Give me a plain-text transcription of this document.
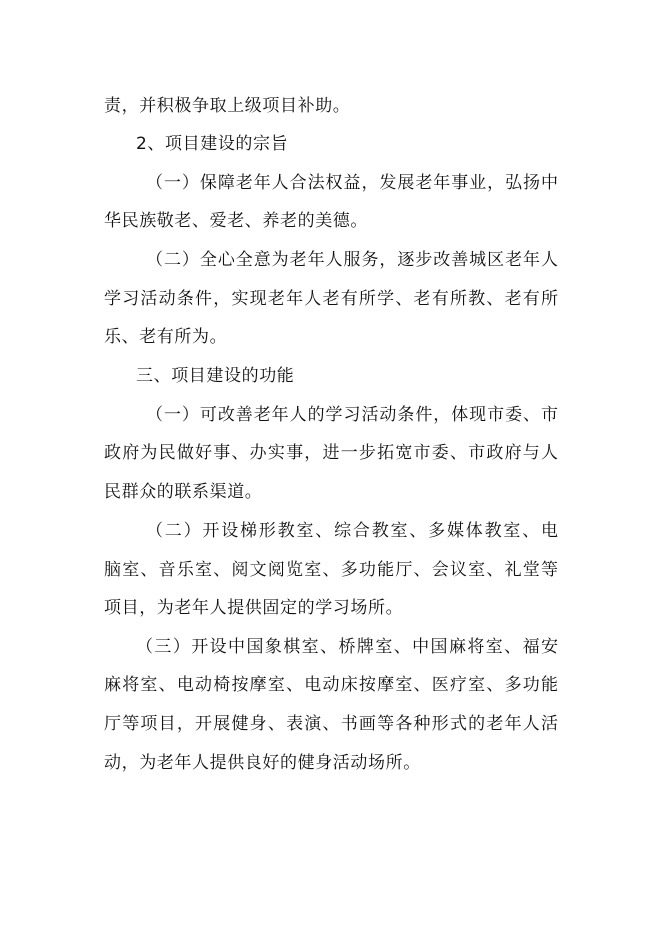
责，并积极争取上级项目补助。
2、项目建设的宗旨
（一）保障老年人合法权益，发展老年事业，弘扬中
华民族敬老、爱老、养老的美德。
（二）全心全意为老年人服务，逐步改善城区老年人
学习活动条件，实现老年人老有所学、老有所教、老有所
乐、老有所为。
三、项目建设的功能
（一）可改善老年人的学习活动条件，体现市委、市
政府为民做好事、办实事，进一步拓宽市委、市政府与人
民群众的联系渠道。
（二）开设梯形教室、综合教室、多媒体教室、电
脑室、音乐室、阅文阅览室、多功能厅、会议室、礼堂等
项目，为老年人提供固定的学习场所。
（三）开设中国象棋室、桥牌室、中国麻将室、福安
麻将室、电动椅按摩室、电动床按摩室、医疗室、多功能
厅等项目，开展健身、表演、书画等各种形式的老年人活
动，为老年人提供良好的健身活动场所。
